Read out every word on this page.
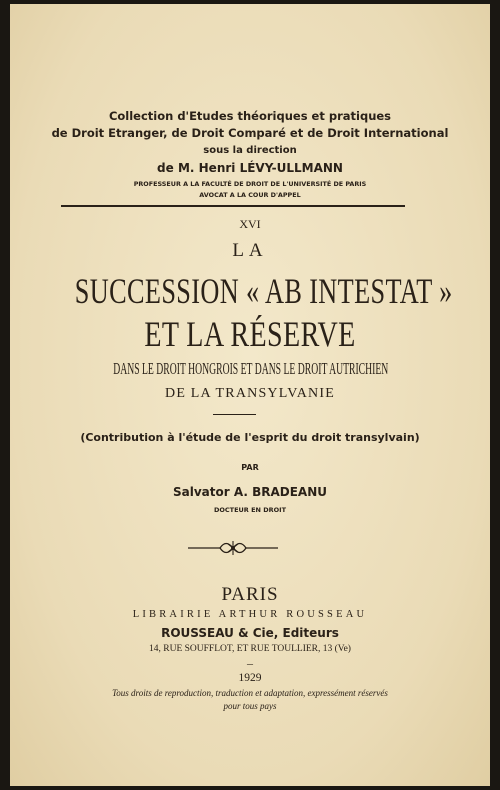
Collection d'Etudes théoriques et pratiques
de Droit Etranger, de Droit Comparé et de Droit International
sous la direction
de M. Henri LÉVY-ULLMANN
PROFESSEUR A LA FACULTÉ DE DROIT DE L'UNIVERSITÉ DE PARIS
AVOCAT A LA COUR D'APPEL
XVI
LA
SUCCESSION « AB INTESTAT »
ET LA RÉSERVE
DANS LE DROIT HONGROIS ET DANS LE DROIT AUTRICHIEN
DE LA TRANSYLVANIE
(Contribution à l'étude de l'esprit du droit transylvain)
PAR
Salvator A. BRADEANU
DOCTEUR EN DROIT
PARIS
LIBRAIRIE ARTHUR ROUSSEAU
ROUSSEAU & Cie, Editeurs
14, RUE SOUFFLOT, ET RUE TOULLIER, 13 (Ve)
–
1929
Tous droits de reproduction, traduction et adaptation, expressément réservés
pour tous pays
